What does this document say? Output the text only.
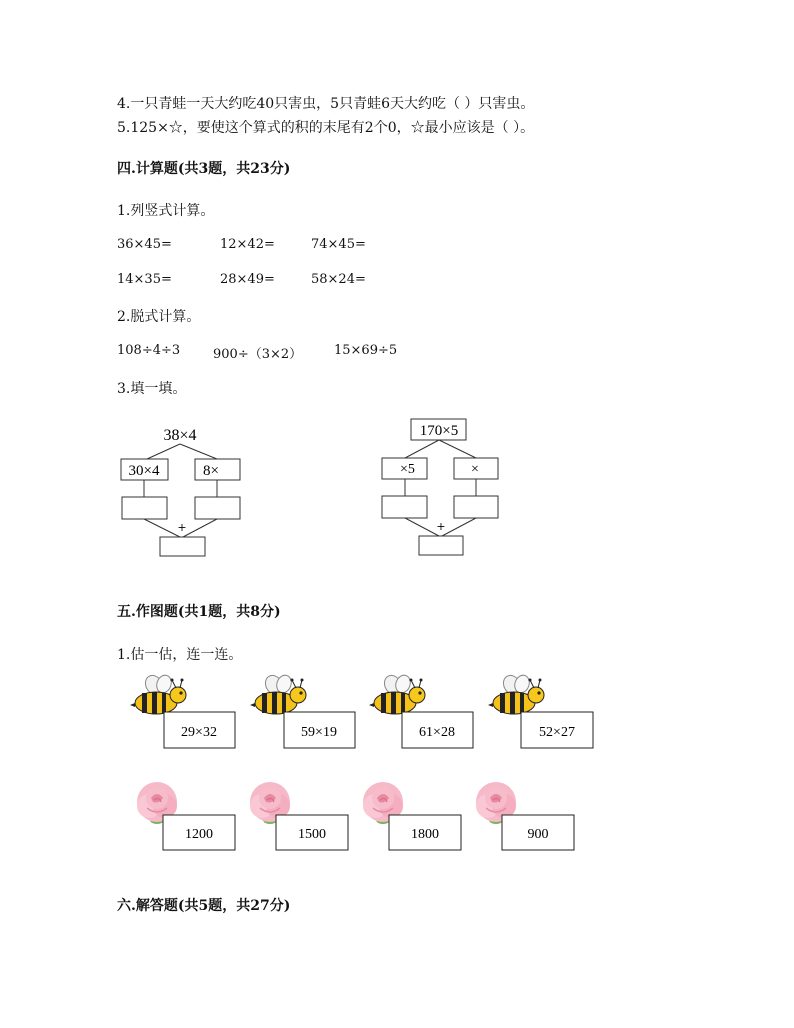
4.一只青蛙一天大约吃40只害虫，5只青蛙6天大约吃（ ）只害虫。
5.125×☆，要使这个算式的积的末尾有2个0，☆最小应该是（ ）。
四.计算题(共3题，共23分)
1.列竖式计算。
36×45=	12×42=	74×45=
14×35=	28×49=	58×24=
2.脱式计算。
108÷4÷3	900÷（3×2） 15×69÷5
3.填一填。
38×4
30×4	8×
+
170×5
×5	×
+
五.作图题(共1题，共8分)
1.估一估，连一连。
29×32	59×19	61×28	52×27
1200	1500	1800	900
六.解答题(共5题，共27分)
